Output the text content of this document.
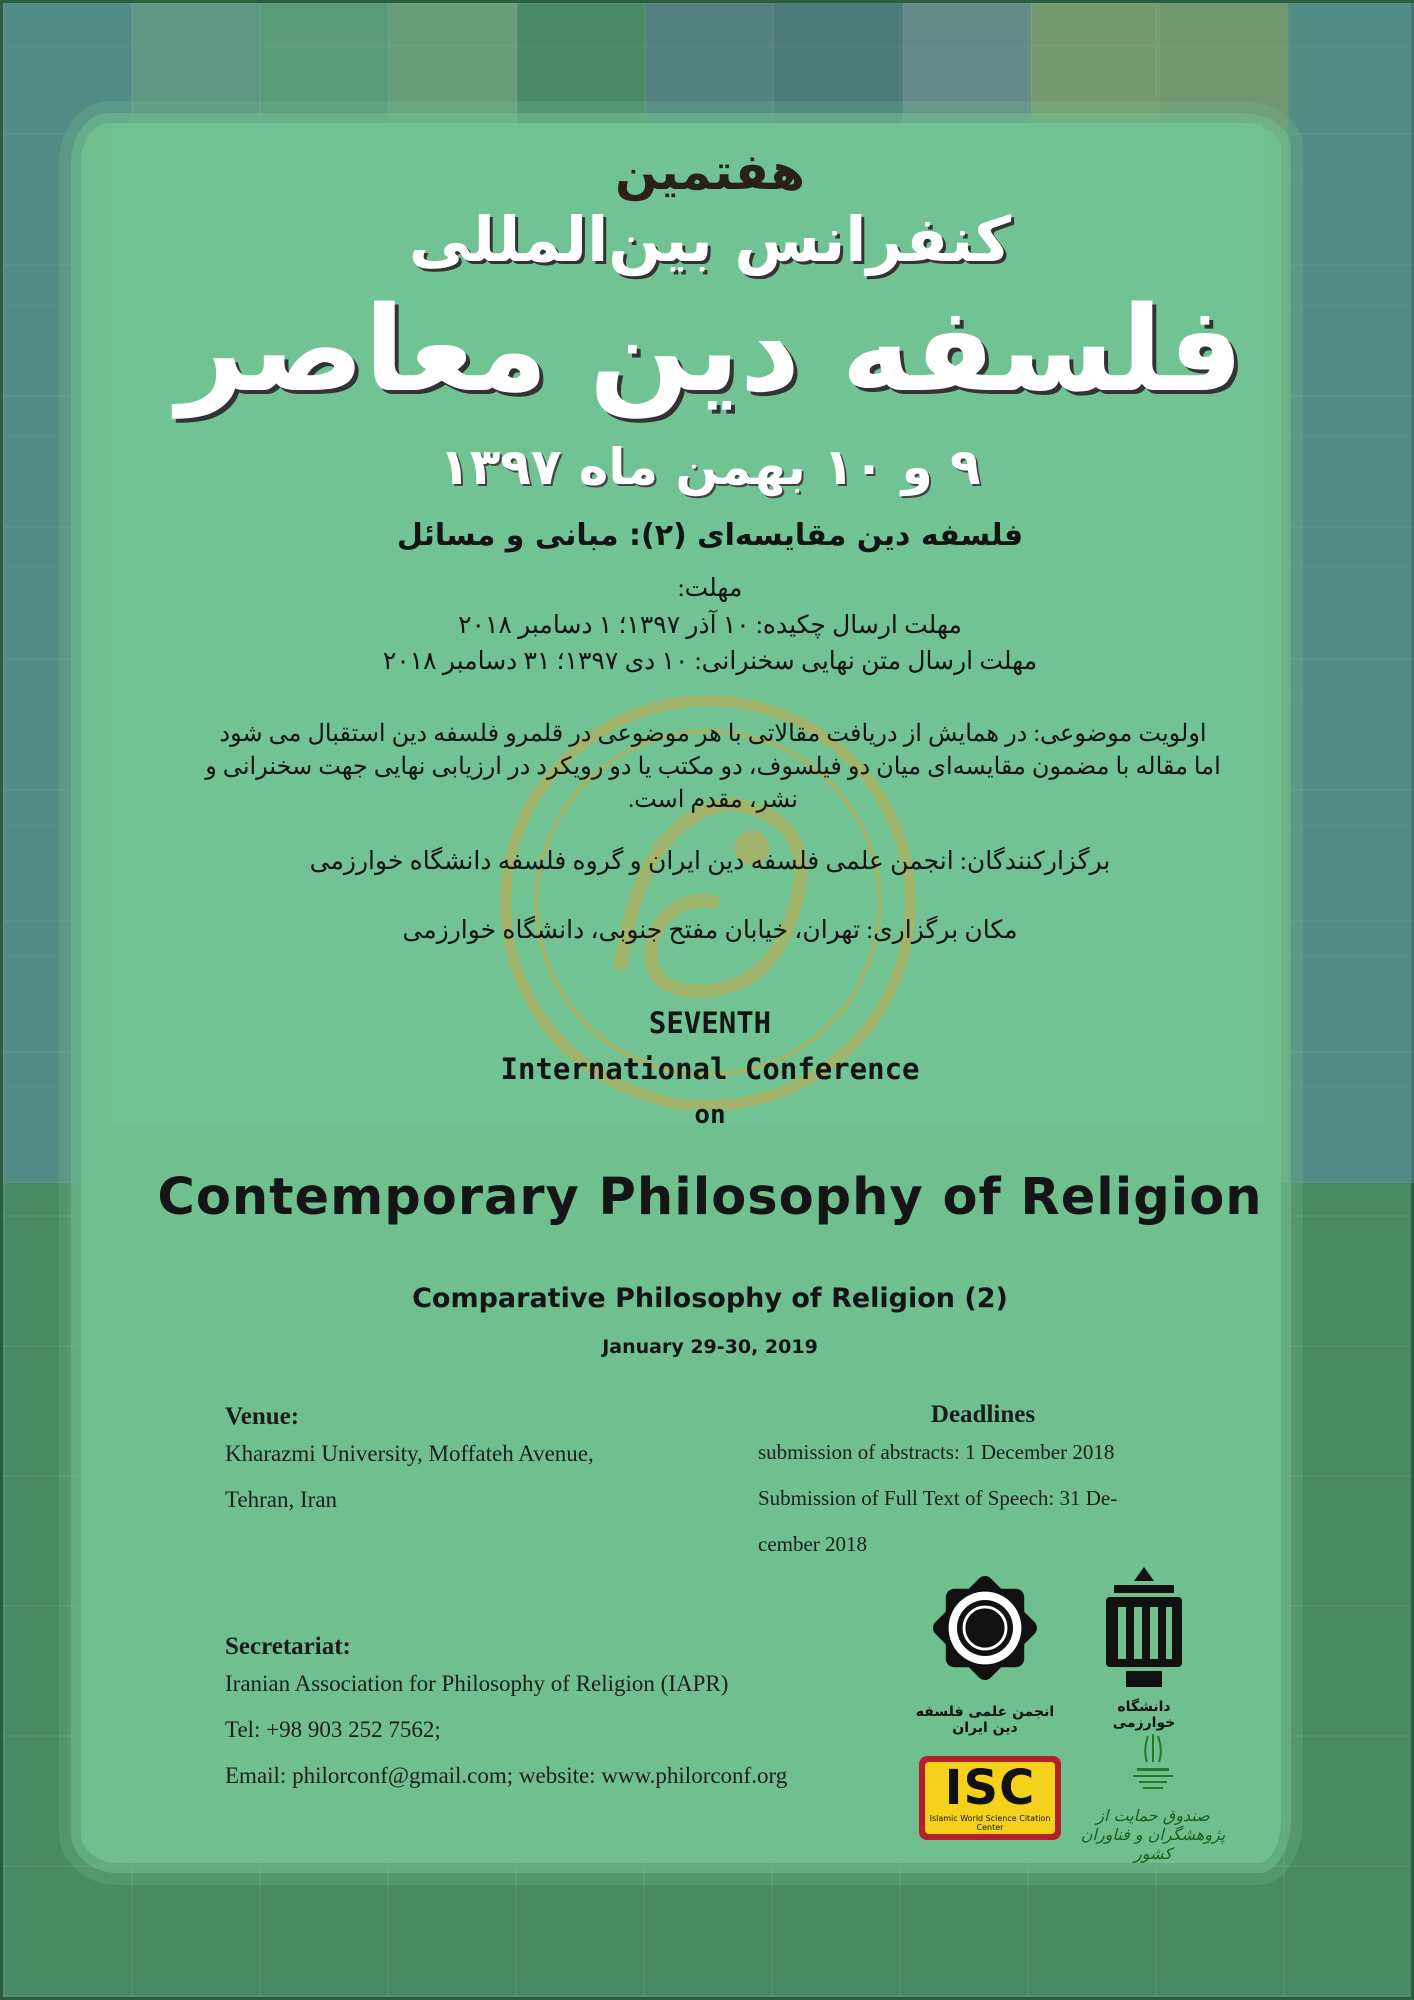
هفتمین
کنفرانس بین‌المللی
فلسفه دین معاصر
۹ و ۱۰ بهمن ماه ۱۳۹۷
فلسفه دین مقایسه‌ای (۲): مبانی و مسائل
مهلت:
مهلت ارسال چکیده: ۱۰ آذر ۱۳۹۷؛ ۱ دسامبر ۲۰۱۸
مهلت ارسال متن نهایی سخنرانی: ۱۰ دی ۱۳۹۷؛ ۳۱ دسامبر ۲۰۱۸
اولویت موضوعی: در همایش از دریافت مقالاتی با هر موضوعی در قلمرو فلسفه دین استقبال می شود اما مقاله با مضمون مقایسه‌ای میان دو فیلسوف، دو مکتب یا دو رویکرد در ارزیابی نهایی جهت سخنرانی و نشر، مقدم است.
برگزارکنندگان: انجمن علمی فلسفه دین ایران و گروه فلسفه دانشگاه خوارزمی
مکان برگزاری: تهران، خیابان مفتح جنوبی، دانشگاه خوارزمی
SEVENTH
International Conference
on
Contemporary Philosophy of Religion
Comparative Philosophy of Religion (2)
January 29-30, 2019
Venue:
Kharazmi University, Moffateh Avenue,
Tehran, Iran
Deadlines
submission of abstracts: 1 December 2018
Submission of Full Text of Speech: 31 De-
cember 2018
Secretariat:
Iranian Association for Philosophy of Religion (IAPR)
Tel: +98 903 252 7562;
Email: philorconf@gmail.com; website: www.philorconf.org
انجمن علمی فلسفه دین ایران
دانشگاه خوارزمی
ISC
Islamic World Science Citation Center
صندوق حمایت از پژوهشگران و فناوران کشور
